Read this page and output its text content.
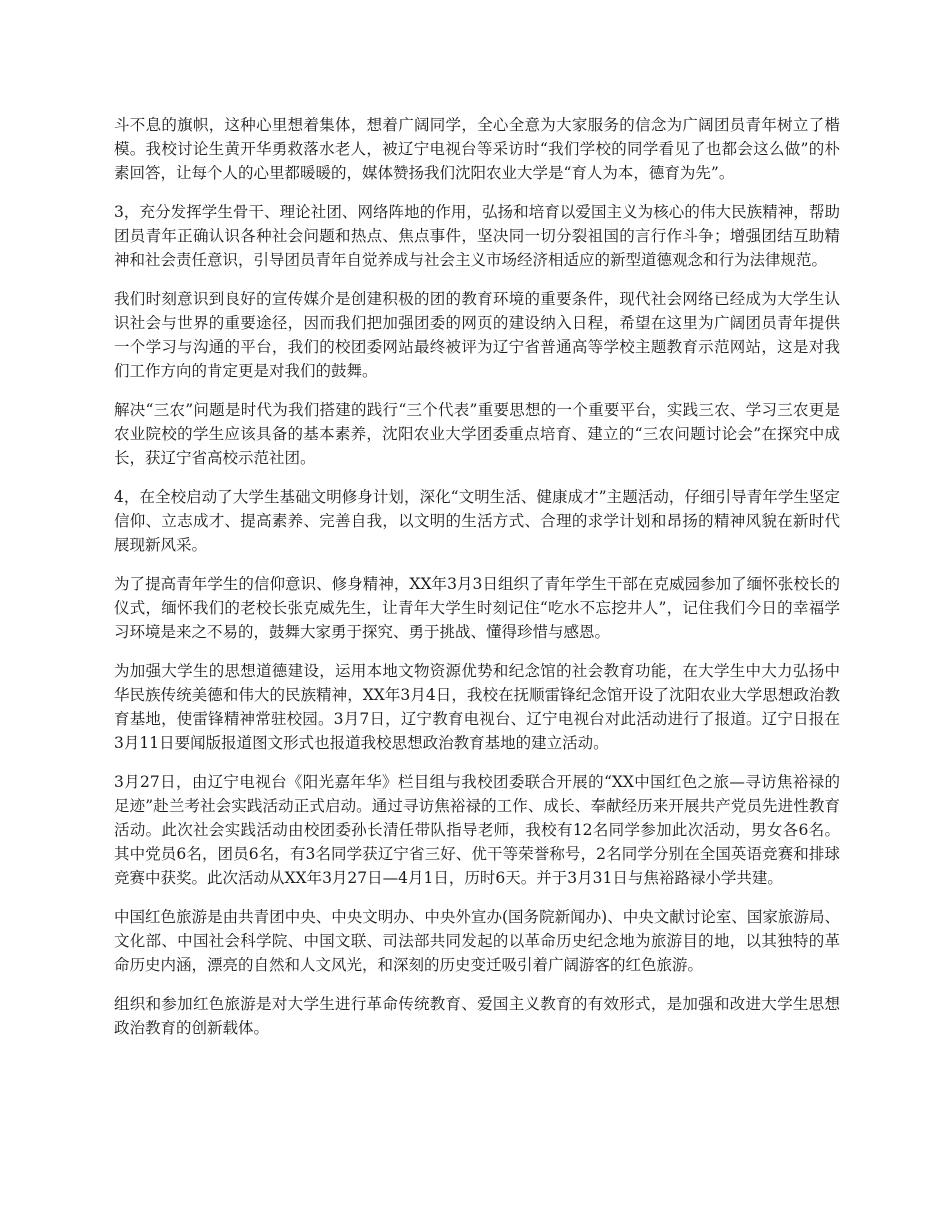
斗不息的旗帜，这种心里想着集体，想着广阔同学，全心全意为大家服务的信念为广阔团员青年树立了楷模。我校讨论生黄开华勇救落水老人，被辽宁电视台等采访时“我们学校的同学看见了也都会这么做”的朴素回答，让每个人的心里都暖暖的，媒体赞扬我们沈阳农业大学是“育人为本，德育为先”。

3，充分发挥学生骨干、理论社团、网络阵地的作用，弘扬和培育以爱国主义为核心的伟大民族精神，帮助团员青年正确认识各种社会问题和热点、焦点事件，坚决同一切分裂祖国的言行作斗争；增强团结互助精神和社会责任意识，引导团员青年自觉养成与社会主义市场经济相适应的新型道德观念和行为法律规范。

我们时刻意识到良好的宣传媒介是创建积极的团的教育环境的重要条件，现代社会网络已经成为大学生认识社会与世界的重要途径，因而我们把加强团委的网页的建设纳入日程，希望在这里为广阔团员青年提供一个学习与沟通的平台，我们的校团委网站最终被评为辽宁省普通高等学校主题教育示范网站，这是对我们工作方向的肯定更是对我们的鼓舞。

解决“三农”问题是时代为我们搭建的践行“三个代表”重要思想的一个重要平台，实践三农、学习三农更是农业院校的学生应该具备的基本素养，沈阳农业大学团委重点培育、建立的“三农问题讨论会”在探究中成长，获辽宁省高校示范社团。

4，在全校启动了大学生基础文明修身计划，深化“文明生活、健康成才”主题活动，仔细引导青年学生坚定信仰、立志成才、提高素养、完善自我，以文明的生活方式、合理的求学计划和昂扬的精神风貌在新时代展现新风采。

为了提高青年学生的信仰意识、修身精神，XX年3月3日组织了青年学生干部在克威园参加了缅怀张校长的仪式，缅怀我们的老校长张克威先生，让青年大学生时刻记住“吃水不忘挖井人”，记住我们今日的幸福学习环境是来之不易的，鼓舞大家勇于探究、勇于挑战、懂得珍惜与感恩。

为加强大学生的思想道德建设，运用本地文物资源优势和纪念馆的社会教育功能，在大学生中大力弘扬中华民族传统美德和伟大的民族精神，XX年3月4日，我校在抚顺雷锋纪念馆开设了沈阳农业大学思想政治教育基地，使雷锋精神常驻校园。3月7日，辽宁教育电视台、辽宁电视台对此活动进行了报道。辽宁日报在3月11日要闻版报道图文形式也报道我校思想政治教育基地的建立活动。

3月27日，由辽宁电视台《阳光嘉年华》栏目组与我校团委联合开展的“XX中国红色之旅—寻访焦裕禄的足迹”赴兰考社会实践活动正式启动。通过寻访焦裕禄的工作、成长、奉献经历来开展共产党员先进性教育活动。此次社会实践活动由校团委孙长清任带队指导老师，我校有12名同学参加此次活动，男女各6名。其中党员6名，团员6名，有3名同学获辽宁省三好、优干等荣誉称号，2名同学分别在全国英语竞赛和排球竞赛中获奖。此次活动从XX年3月27日—4月1日，历时6天。并于3月31日与焦裕路禄小学共建。

中国红色旅游是由共青团中央、中央文明办、中央外宣办(国务院新闻办)、中央文献讨论室、国家旅游局、文化部、中国社会科学院、中国文联、司法部共同发起的以革命历史纪念地为旅游目的地，以其独特的革命历史内涵，漂亮的自然和人文风光，和深刻的历史变迁吸引着广阔游客的红色旅游。

组织和参加红色旅游是对大学生进行革命传统教育、爱国主义教育的有效形式，是加强和改进大学生思想政治教育的创新载体。
